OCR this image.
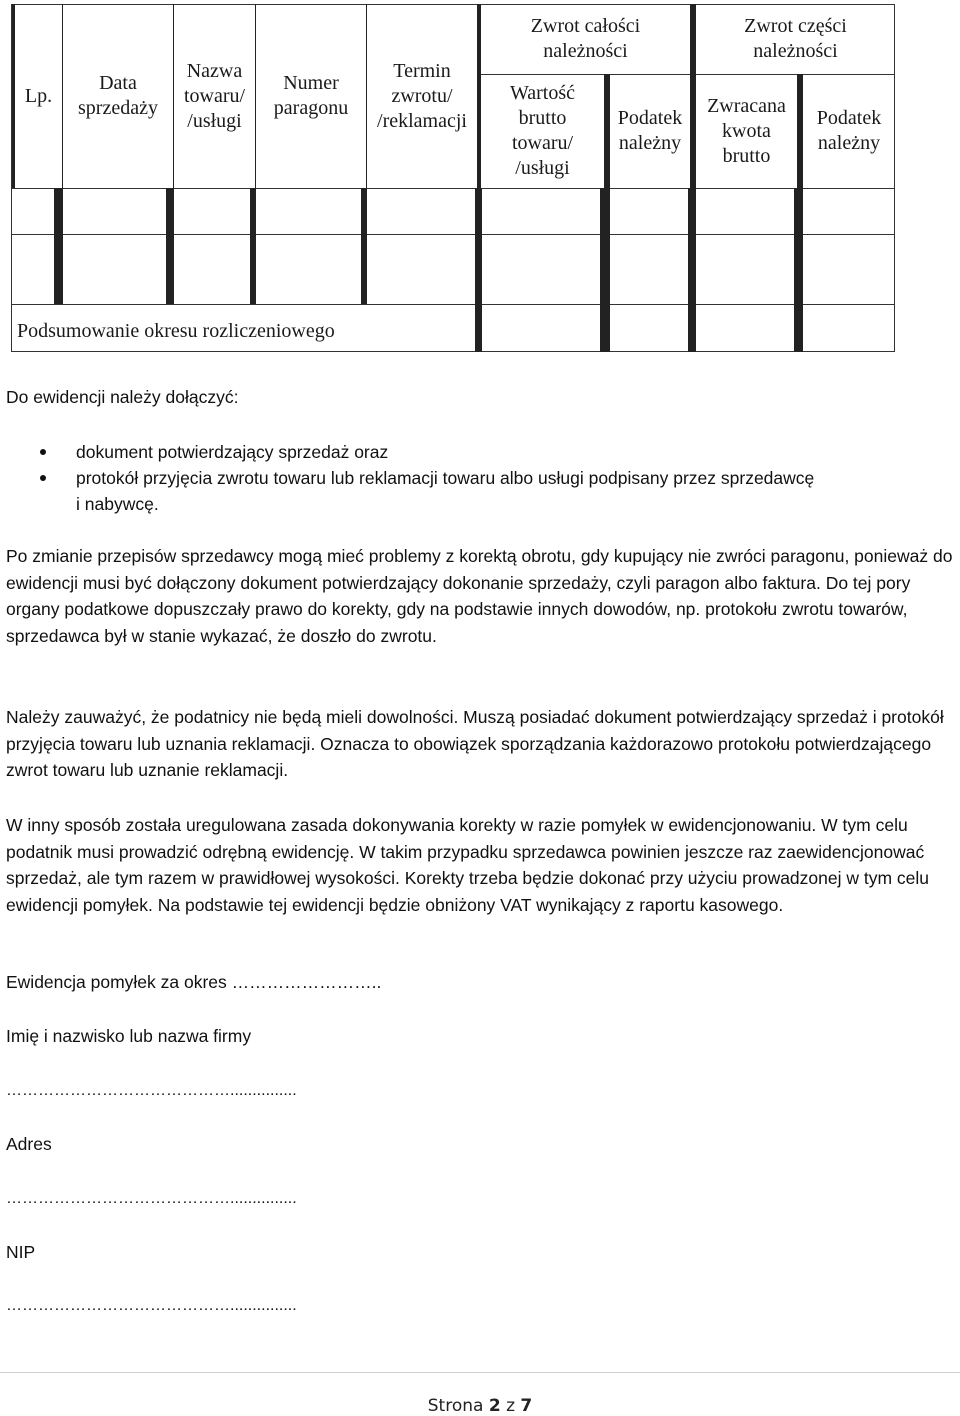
Lp.
Data
sprzedaży
Nazwa
towaru/
/usługi
Numer
paragonu
Termin
zwrotu/
/reklamacji
Zwrot całości
należności
Wartość
brutto
towaru/
/usługi
Podatek
należny
Zwrot części
należności
Zwracana
kwota
brutto
Podatek
należny
Podsumowanie okresu rozliczeniowego
Do ewidencji należy dołączyć:
dokument potwierdzający sprzedaż oraz
protokół przyjęcia zwrotu towaru lub reklamacji towaru albo usługi podpisany przez sprzedawcę
i nabywcę.
Po zmianie przepisów sprzedawcy mogą mieć problemy z korektą obrotu, gdy kupujący nie zwróci paragonu, ponieważ do ewidencji musi być dołączony dokument potwierdzający dokonanie sprzedaży, czyli paragon albo faktura. Do tej pory organy podatkowe dopuszczały prawo do korekty, gdy na podstawie innych dowodów, np. protokołu zwrotu towarów, sprzedawca był w stanie wykazać, że doszło do zwrotu.
Należy zauważyć, że podatnicy nie będą mieli dowolności. Muszą posiadać dokument potwierdzający sprzedaż i protokół przyjęcia towaru lub uznania reklamacji. Oznacza to obowiązek sporządzania każdorazowo protokołu potwierdzającego zwrot towaru lub uznanie reklamacji.
W inny sposób została uregulowana zasada dokonywania korekty w razie pomyłek w ewidencjonowaniu. W tym celu podatnik musi prowadzić odrębną ewidencję. W takim przypadku sprzedawca powinien jeszcze raz zaewidencjonować sprzedaż, ale tym razem w prawidłowej wysokości. Korekty trzeba będzie dokonać przy użyciu prowadzonej w tym celu ewidencji pomyłek. Na podstawie tej ewidencji będzie obniżony VAT wynikający z raportu kasowego.
Ewidencja pomyłek za okres ……………………..
Imię i nazwisko lub nazwa firmy
……………………………………...............
Adres
……………………………………...............
NIP
……………………………………...............
Strona 2 z 7
